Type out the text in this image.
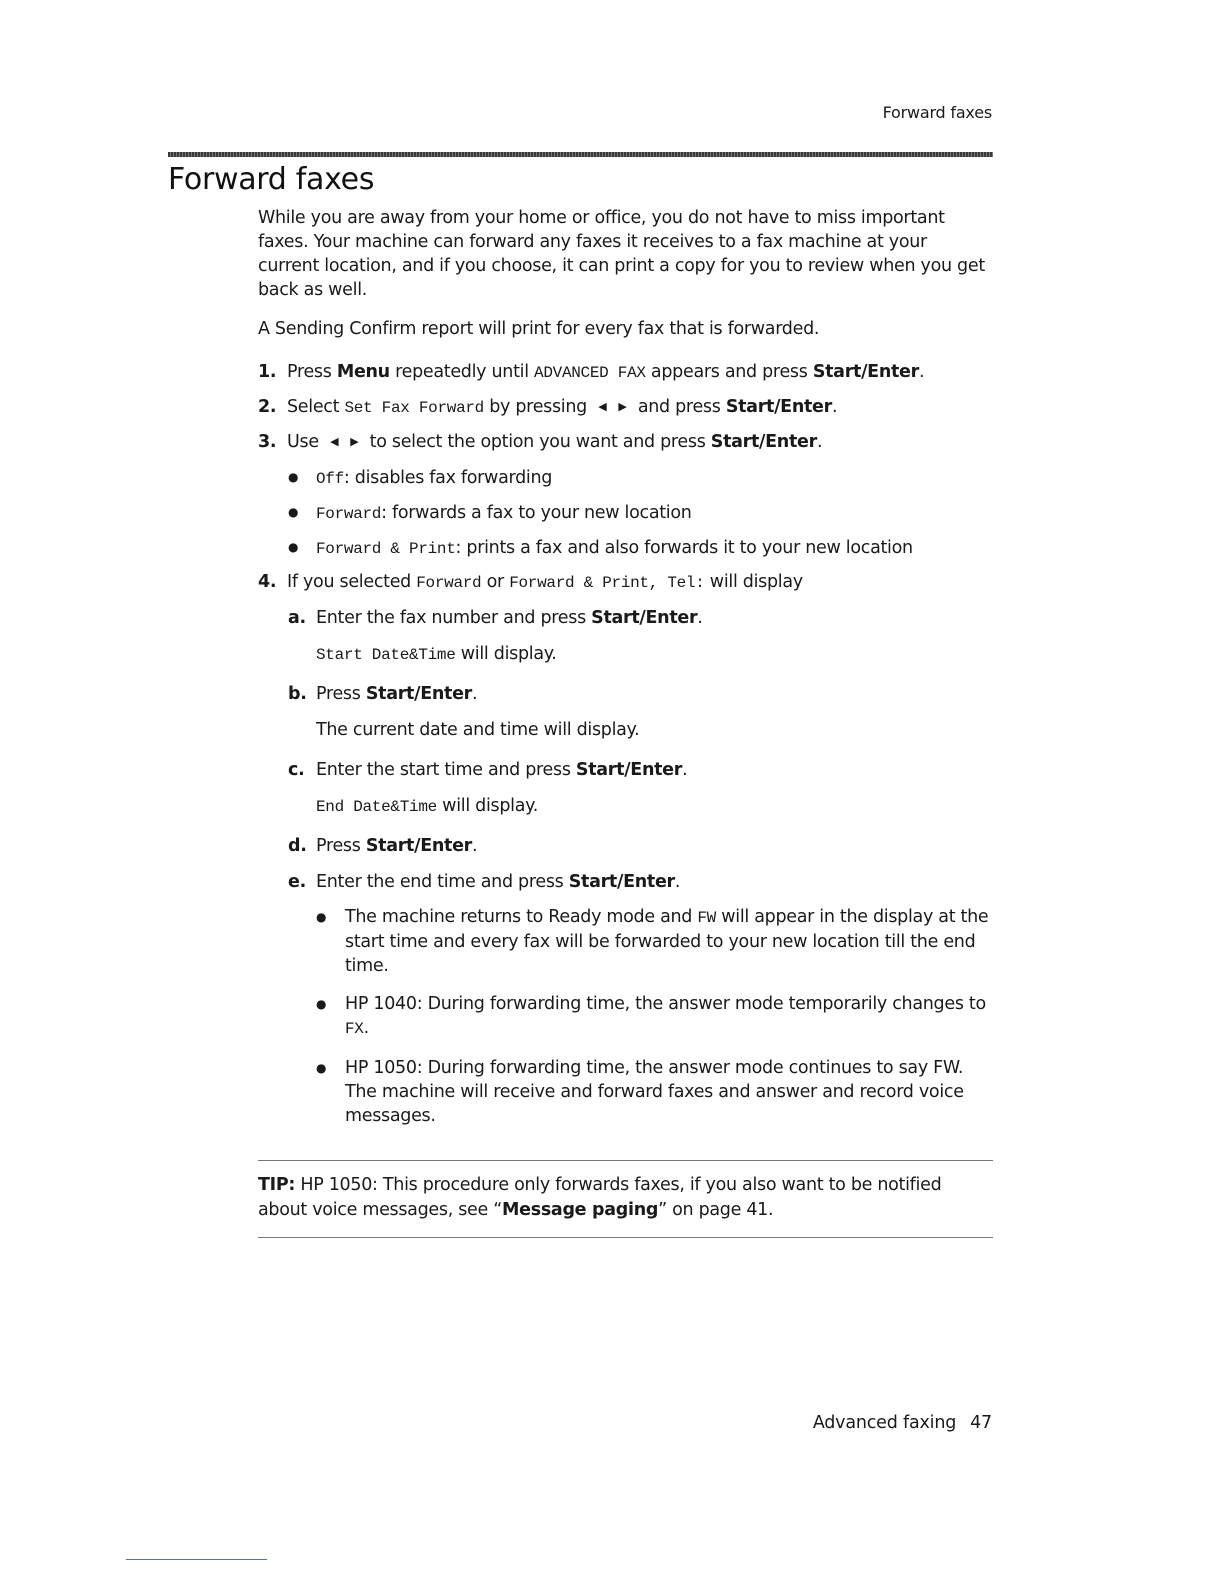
Forward faxes
Forward faxes
While you are away from your home or office, you do not have to miss important faxes. Your machine can forward any faxes it receives to a fax machine at your current location, and if you choose, it can print a copy for you to review when you get back as well.
A Sending Confirm report will print for every fax that is forwarded.
1. Press Menu repeatedly until ADVANCED FAX appears and press Start/Enter.
2. Select Set Fax Forward by pressing ◀ ▶ and press Start/Enter.
3. Use ◀ ▶ to select the option you want and press Start/Enter.
● Off: disables fax forwarding
● Forward: forwards a fax to your new location
● Forward & Print: prints a fax and also forwards it to your new location
4. If you selected Forward or Forward & Print, Tel: will display
a. Enter the fax number and press Start/Enter.
Start Date&Time will display.
b. Press Start/Enter.
The current date and time will display.
c. Enter the start time and press Start/Enter.
End Date&Time will display.
d. Press Start/Enter.
e. Enter the end time and press Start/Enter.
● The machine returns to Ready mode and FW will appear in the display at the start time and every fax will be forwarded to your new location till the end time.
● HP 1040: During forwarding time, the answer mode temporarily changes to FX.
● HP 1050: During forwarding time, the answer mode continues to say FW. The machine will receive and forward faxes and answer and record voice messages.
TIP: HP 1050: This procedure only forwards faxes, if you also want to be notified about voice messages, see “Message paging” on page 41.
Advanced faxing 47
